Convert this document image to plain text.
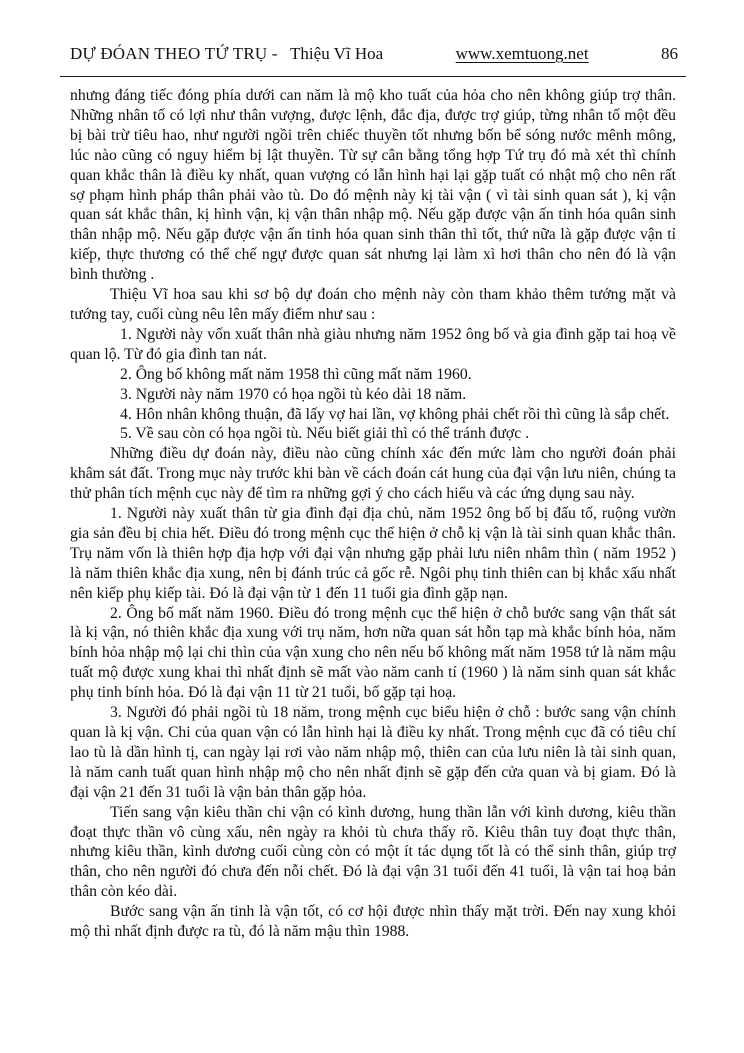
DỰ ĐÓAN THEO TỨ TRỤ - Thiệu Vĩ Hoa	www.xemtuong.net	86

nhưng đáng tiếc đóng phía dưới can năm là mộ kho tuất của hỏa cho nên không giúp trợ thân. Những nhân tố có lợi như thân vượng, được lệnh, đắc địa, được trợ giúp, từng nhân tố một đều bị bài trừ tiêu hao, như người ngồi trên chiếc thuyền tốt nhưng bốn bể sóng nước mênh mông, lúc nào cũng có nguy hiểm bị lật thuyền. Từ sự cân bằng tổng hợp Tứ trụ đó mà xét thì chính quan khắc thân là điều ky nhất, quan vượng có lẫn hình hại lại gặp tuất có nhật mộ cho nên rất sợ phạm hình pháp thân phải vào tù. Do đó mệnh này kị tài vận ( vì tài sinh quan sát ), kị vận quan sát khắc thân, kị hình vận, kị vận thân nhập mộ. Nếu gặp được vận ấn tinh hóa quân sinh thân nhập mộ. Nếu gặp được vận ấn tinh hóa quan sinh thân thì tốt, thứ nữa là gặp được vận tỉ kiếp, thực thương có thể chế ngự được quan sát nhưng lại làm xì hơi thân cho nên đó là vận bình thường .

Thiệu Vĩ hoa sau khi sơ bộ dự đoán cho mệnh này còn tham khảo thêm tướng mặt và tướng tay, cuối cùng nêu lên mấy điểm như sau :

1. Người này vốn xuất thân nhà giàu nhưng năm 1952 ông bố và gia đình gặp tai hoạ về quan lộ. Từ đó gia đình tan nát.

2. Ông bố không mất năm 1958 thì cũng mất năm 1960.

3. Người này năm 1970 có họa ngồi tù kéo dài 18 năm.

4. Hôn nhân không thuận, đã lấy vợ hai lần, vợ không phải chết rồi thì cũng là sắp chết.

5. Về sau còn có họa ngồi tù. Nếu biết giải thì có thể tránh được .

Những điều dự đoán này, điều nào cũng chính xác đến mức làm cho người đoán phải khâm sát đất. Trong mục này trước khi bàn về cách đoán cát hung của đại vận lưu niên, chúng ta thử phân tích mệnh cục này để tìm ra những gợi ý cho cách hiểu và các ứng dụng sau này.

1. Người này xuất thân từ gia đình đại địa chủ, năm 1952 ông bố bị đấu tố, ruộng vườn gia sản đều bị chia hết. Điều đó trong mệnh cục thể hiện ở chỗ kị vận là tài sinh quan khắc thân. Trụ năm vốn là thiên hợp địa hợp với đại vận nhưng gặp phải lưu niên nhâm thìn ( năm 1952 ) là năm thiên khắc địa xung, nên bị đánh trúc cả gốc rễ. Ngôi phụ tinh thiên can bị khắc xấu nhất nên kiếp phụ kiếp tài. Đó là đại vận từ 1 đến 11 tuổi gia đình gặp nạn.

2. Ông bố mất năm 1960. Điều đó trong mệnh cục thể hiện ở chỗ bước sang vận thất sát là kị vận, nó thiên khắc địa xung với trụ năm, hơn nữa quan sát hỗn tạp mà khắc bính hỏa, năm bính hỏa nhập mộ lại chi thìn của vận xung cho nên nếu bố không mất năm 1958 tứ là năm mậu tuất mộ được xung khai thì nhất định sẽ mất vào năm canh tí (1960 ) là năm sinh quan sát khắc phụ tinh bính hỏa. Đó là đại vận 11 từ 21 tuổi, bố gặp tại hoạ.

3. Người đó phải ngồi tù 18 năm, trong mệnh cục biểu hiện ở chỗ : bước sang vận chính quan là kị vận. Chi của quan vận có lẫn hình hại là điều ky nhất. Trong mệnh cục đã có tiêu chí lao tù là dần hình tị, can ngày lại rơi vào năm nhập mộ, thiên can của lưu niên là tài sinh quan, là năm canh tuất quan hình nhập mộ cho nên nhất định sẽ gặp đến cửa quan và bị giam. Đó là đại vận 21 đến 31 tuổi là vận bản thân gặp hỏa.

Tiến sang vận kiêu thần chi vận có kình dương, hung thần lẫn với kình dương, kiêu thần đoạt thực thần vô cùng xấu, nên ngày ra khỏi tù chưa thấy rõ. Kiêu thân tuy đoạt thực thân, nhưng kiêu thần, kình dương cuối cùng còn có một ít tác dụng tốt là có thể sinh thân, giúp trợ thân, cho nên người đó chưa đến nỗi chết. Đó là đại vận 31 tuổi đến 41 tuổi, là vận tai hoạ bản thân còn kéo dài.

Bước sang vận ấn tinh là vận tốt, có cơ hội được nhìn thấy mặt trời. Đến nay xung khỏi mộ thì nhất định được ra tù, đó là năm mậu thìn 1988.
